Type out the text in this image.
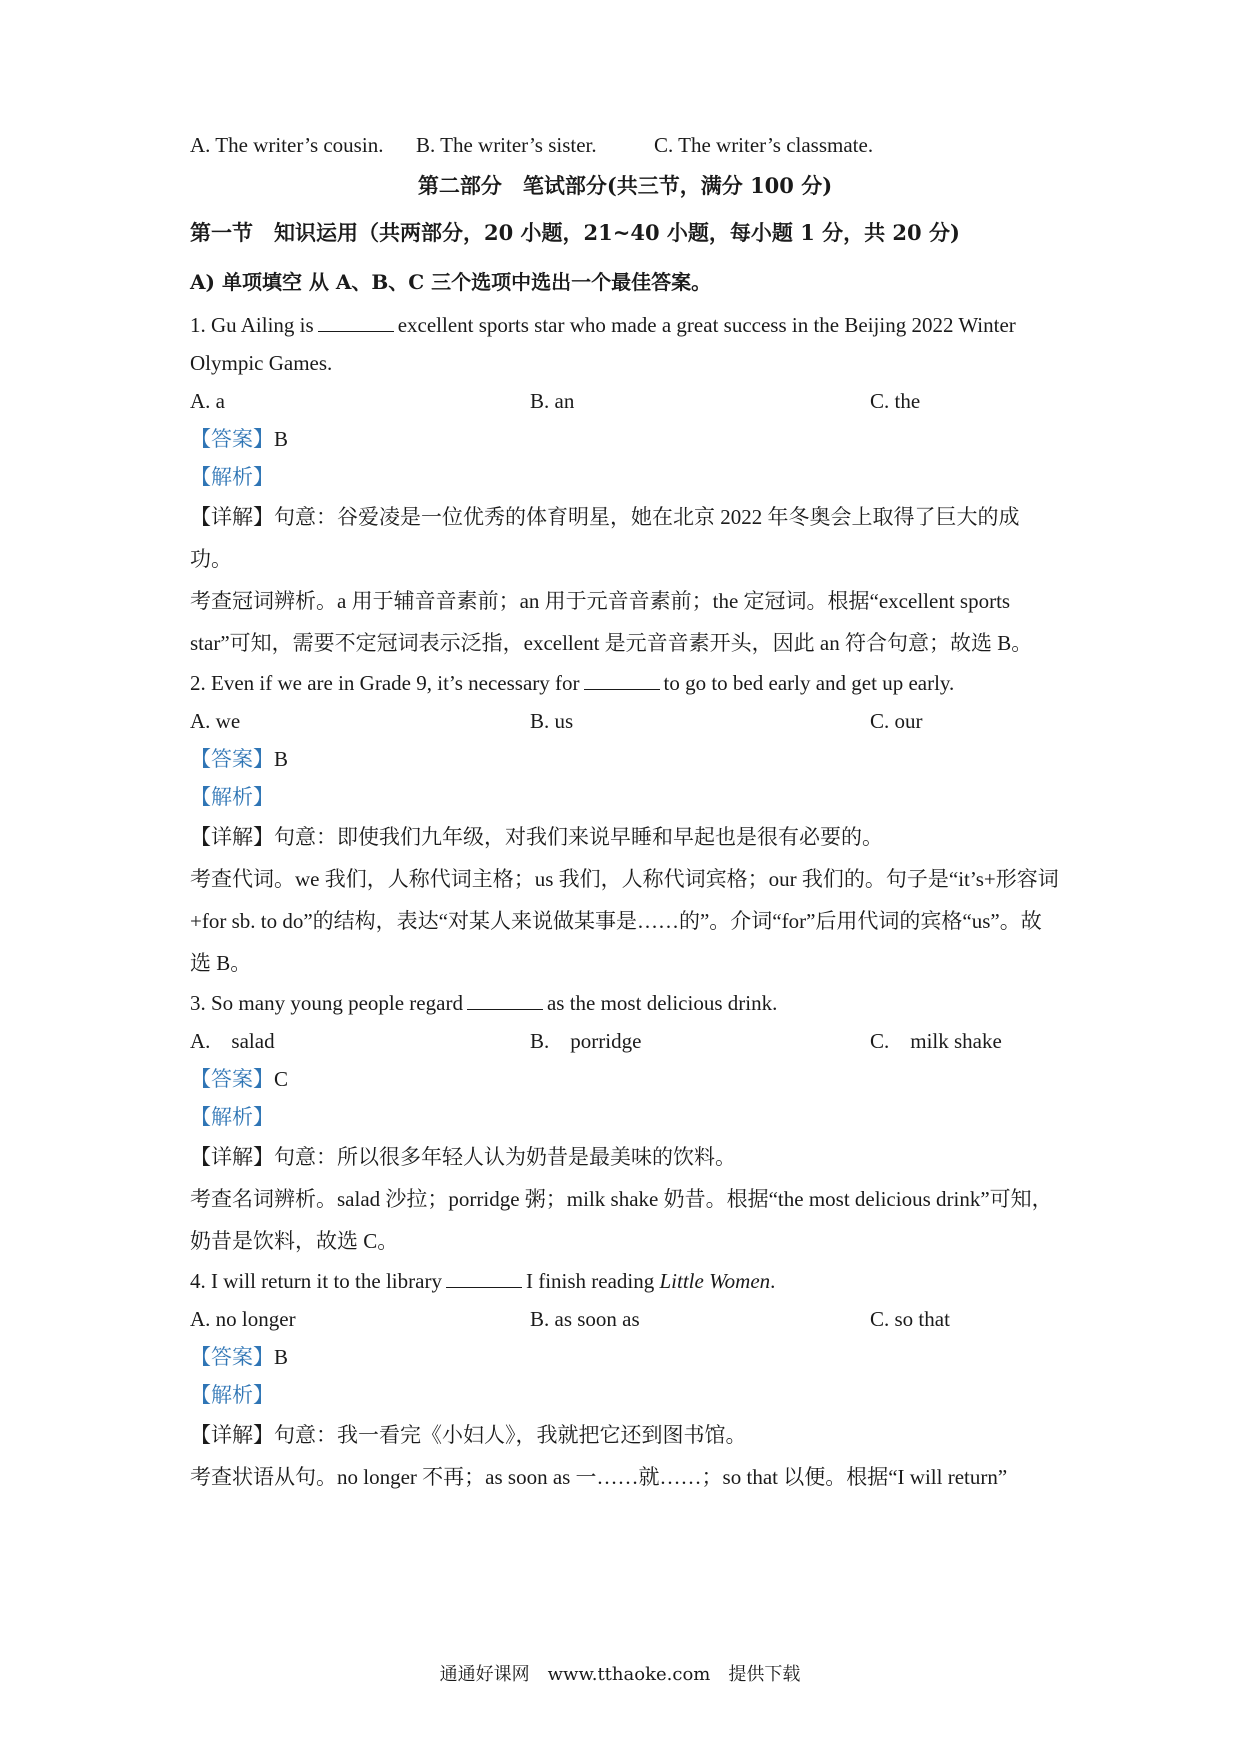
A. The writer’s cousin.	B. The writer’s sister.	C. The writer’s classmate.
第二部分　笔试部分(共三节，满分 100 分)
第一节　知识运用（共两部分，20 小题，21~40 小题，每小题 1 分，共 20 分)
A) 单项填空 从 A、B、C 三个选项中选出一个最佳答案。
1. Gu Ailing is	excellent sports star who made a great success in the Beijing 2022 Winter
Olympic Games.
A. a	B. an	C. the
【答案】B
【解析】
【详解】句意：谷爱凌是一位优秀的体育明星，她在北京 2022 年冬奥会上取得了巨大的成功。
考查冠词辨析。a 用于辅音音素前；an 用于元音音素前；the 定冠词。根据“excellent sports star”可知，需要不定冠词表示泛指，excellent 是元音音素开头，因此 an 符合句意；故选 B。
2. Even if we are in Grade 9, it’s necessary for	to go to bed early and get up early.
A. we	B. us	C. our
【答案】B
【解析】
【详解】句意：即使我们九年级，对我们来说早睡和早起也是很有必要的。
考查代词。we 我们，人称代词主格；us 我们，人称代词宾格；our 我们的。句子是“it’s+形容词+for sb. to do”的结构，表达“对某人来说做某事是……的”。介词“for”后用代词的宾格“us”。故选 B。
3. So many young people regard	as the most delicious drink.
A.　salad	B.　porridge	C.　milk shake
【答案】C
【解析】
【详解】句意：所以很多年轻人认为奶昔是最美味的饮料。
考查名词辨析。salad 沙拉；porridge 粥；milk shake 奶昔。根据“the most delicious drink”可知，奶昔是饮料，故选 C。
4. I will return it to the library	I finish reading Little Women.
A. no longer	B. as soon as	C. so that
【答案】B
【解析】
【详解】句意：我一看完《小妇人》，我就把它还到图书馆。
考查状语从句。no longer 不再；as soon as 一……就……；so that 以便。根据“I will return”
通通好课网　www.tthaoke.com　提供下载
